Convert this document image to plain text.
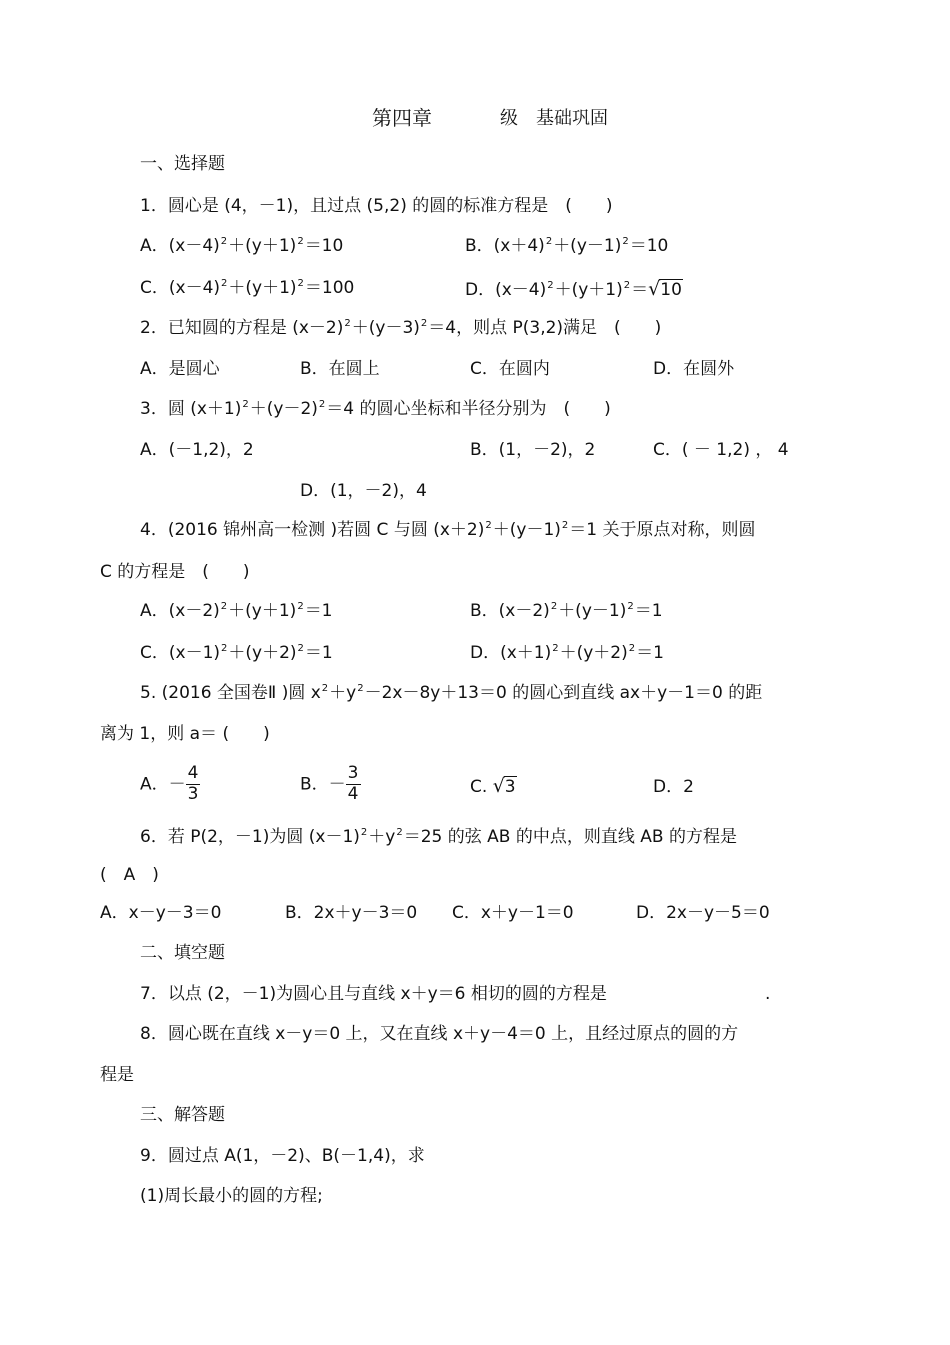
第四章	级　基础巩固
一、选择题
1．圆心是 (4，－1)，且过点 (5,2) 的圆的标准方程是　(　　)
A．$(x-4)^2+(y+1)^2=10$	B．$(x+4)^2+(y-1)^2=10$
C．$(x-4)^2+(y+1)^2=100$	D．$(x-4)^2+(y+1)^2=√10$
2．已知圆的方程是 $(x-2)^2+(y-3)^2=4$，则点 P(3,2)满足　(　　)
A．是圆心	B．在圆上	C．在圆内	D．在圆外
3．圆 $(x+1)^2+(y-2)^2=4$ 的圆心坐标和半径分别为　(　　)
A．(－1,2)，2	B．(1，－2)，2	C．( － 1,2) ， 4
D．(1，－2)，4
4．(2016 锦州高一检测 )若圆 C 与圆 $(x+2)^2+(y-1)^2=1$ 关于原点对称，则圆
C 的方程是　(　　)
A．$(x-2)^2+(y+1)^2=1$	B．$(x-2)^2+(y-1)^2=1$
C．$(x-1)^2+(y+2)^2=1$	D．$(x+1)^2+(y+2)^2=1$
5. (2016 全国卷Ⅱ )圆 $x^2+y^2-2x-8y+13=0$ 的圆心到直线 ax＋y－1＝0 的距
离为 1，则 a＝ (　　)
A．－ $\frac{4}{3}$	B．－ $\frac{3}{4}$	C. √3	D．2
6．若 P(2，－1)为圆 $(x-1)^2+y^2=25$ 的弦 AB 的中点，则直线 AB 的方程是
(　A　)
A．x－y－3＝0	B．2x＋y－3＝0 C．x＋y－1＝0	D．2x－y－5＝0
二、填空题
7．以点 (2，－1)为圆心且与直线 x＋y＝6 相切的圆的方程是	.
8．圆心既在直线 x－y＝0 上，又在直线 x＋y－4＝0 上，且经过原点的圆的方
程是
三、解答题
9．圆过点 A(1，－2)、B(－1,4)，求
(1)周长最小的圆的方程;
